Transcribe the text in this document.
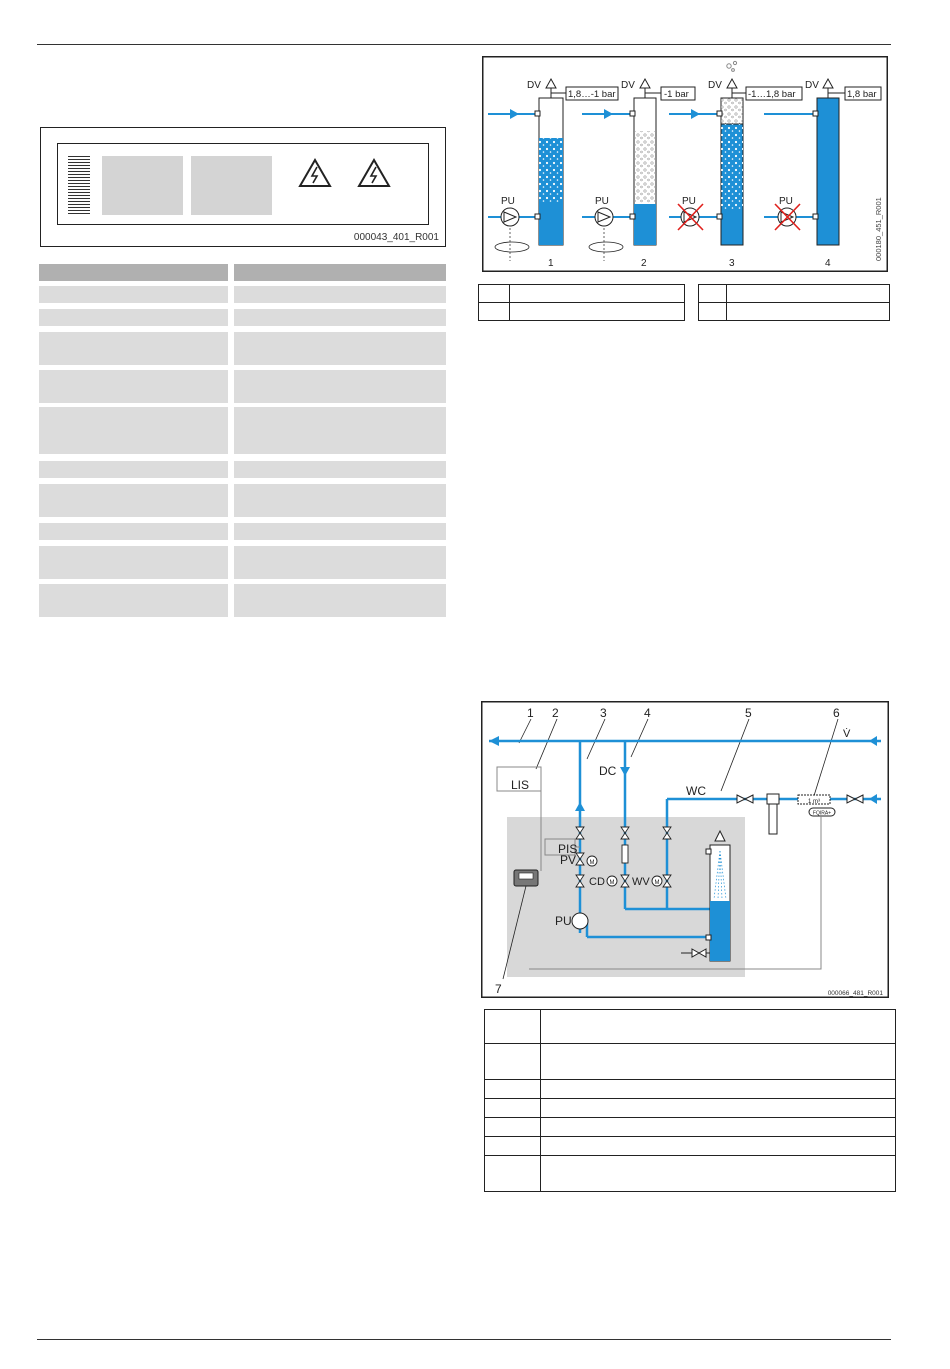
000043_401_R001
DV
1,8…-1 bar
PU
1
DV
-1 bar
PU
2
DV
-1…1,8 bar
PU
3
DV
1,8 bar
PU
4
000180_451_R001

1 2	3	4	5	6
7
V̇
1 m³
FQIRA+
WC
DC
PU
M
M	M
PV
CD WV
LIS
PIS
000066_481_R001
